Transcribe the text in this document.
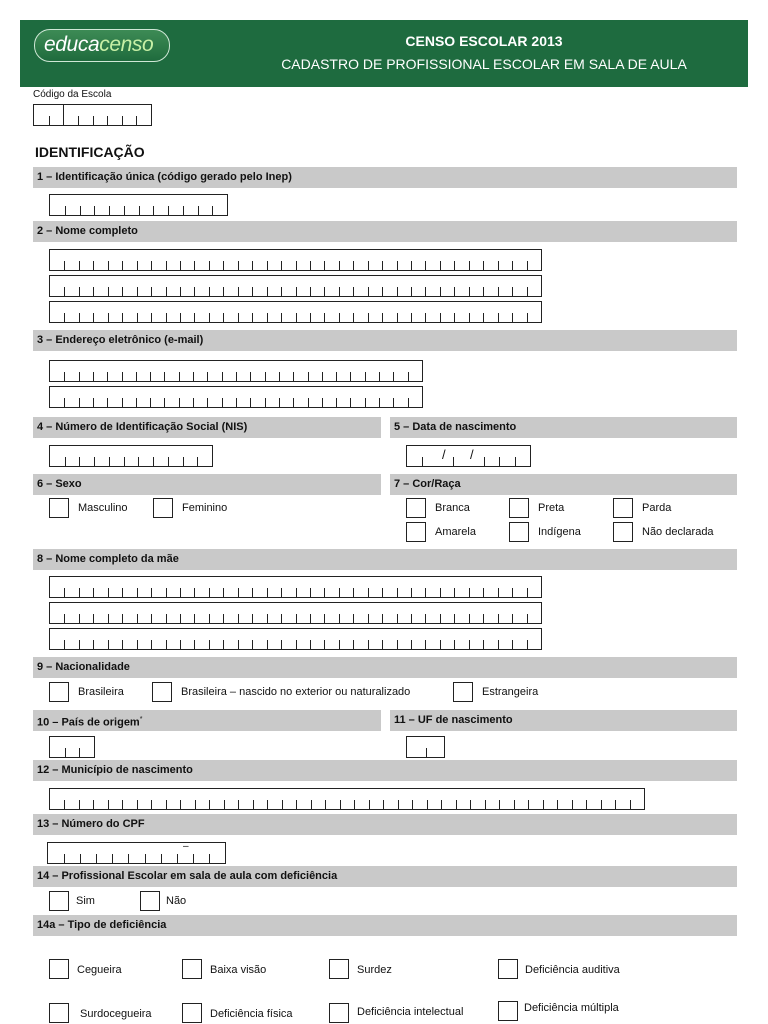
educacenso	CENSO ESCOLAR 2013
CADASTRO DE PROFISSIONAL ESCOLAR EM SALA DE AULA
Código da Escola
IDENTIFICAÇÃO
1 – Identificação única (código gerado pelo Inep)
2 – Nome completo
3 – Endereço eletrônico (e-mail)
4 – Número de Identificação Social (NIS)	5 – Data de nascimento
/ /
6 – Sexo	7 – Cor/Raça
Masculino	Feminino	Branca	Preta	Parda
Amarela	Indígena	Não declarada
8 – Nome completo da mãe
9 – Nacionalidade
Brasileira	Brasileira – nascido no exterior ou naturalizado	Estrangeira
10 – País de origem*	11 – UF de nascimento
12 – Município de nascimento
13 – Número do CPF
–
14 – Profissional Escolar em sala de aula com deficiência
Sim	Não
14a – Tipo de deficiência
Cegueira	Baixa visão	Surdez	Deficiência auditiva
Surdocegueira	Deficiência física	Deficiência intelectual	Deficiência múltipla
